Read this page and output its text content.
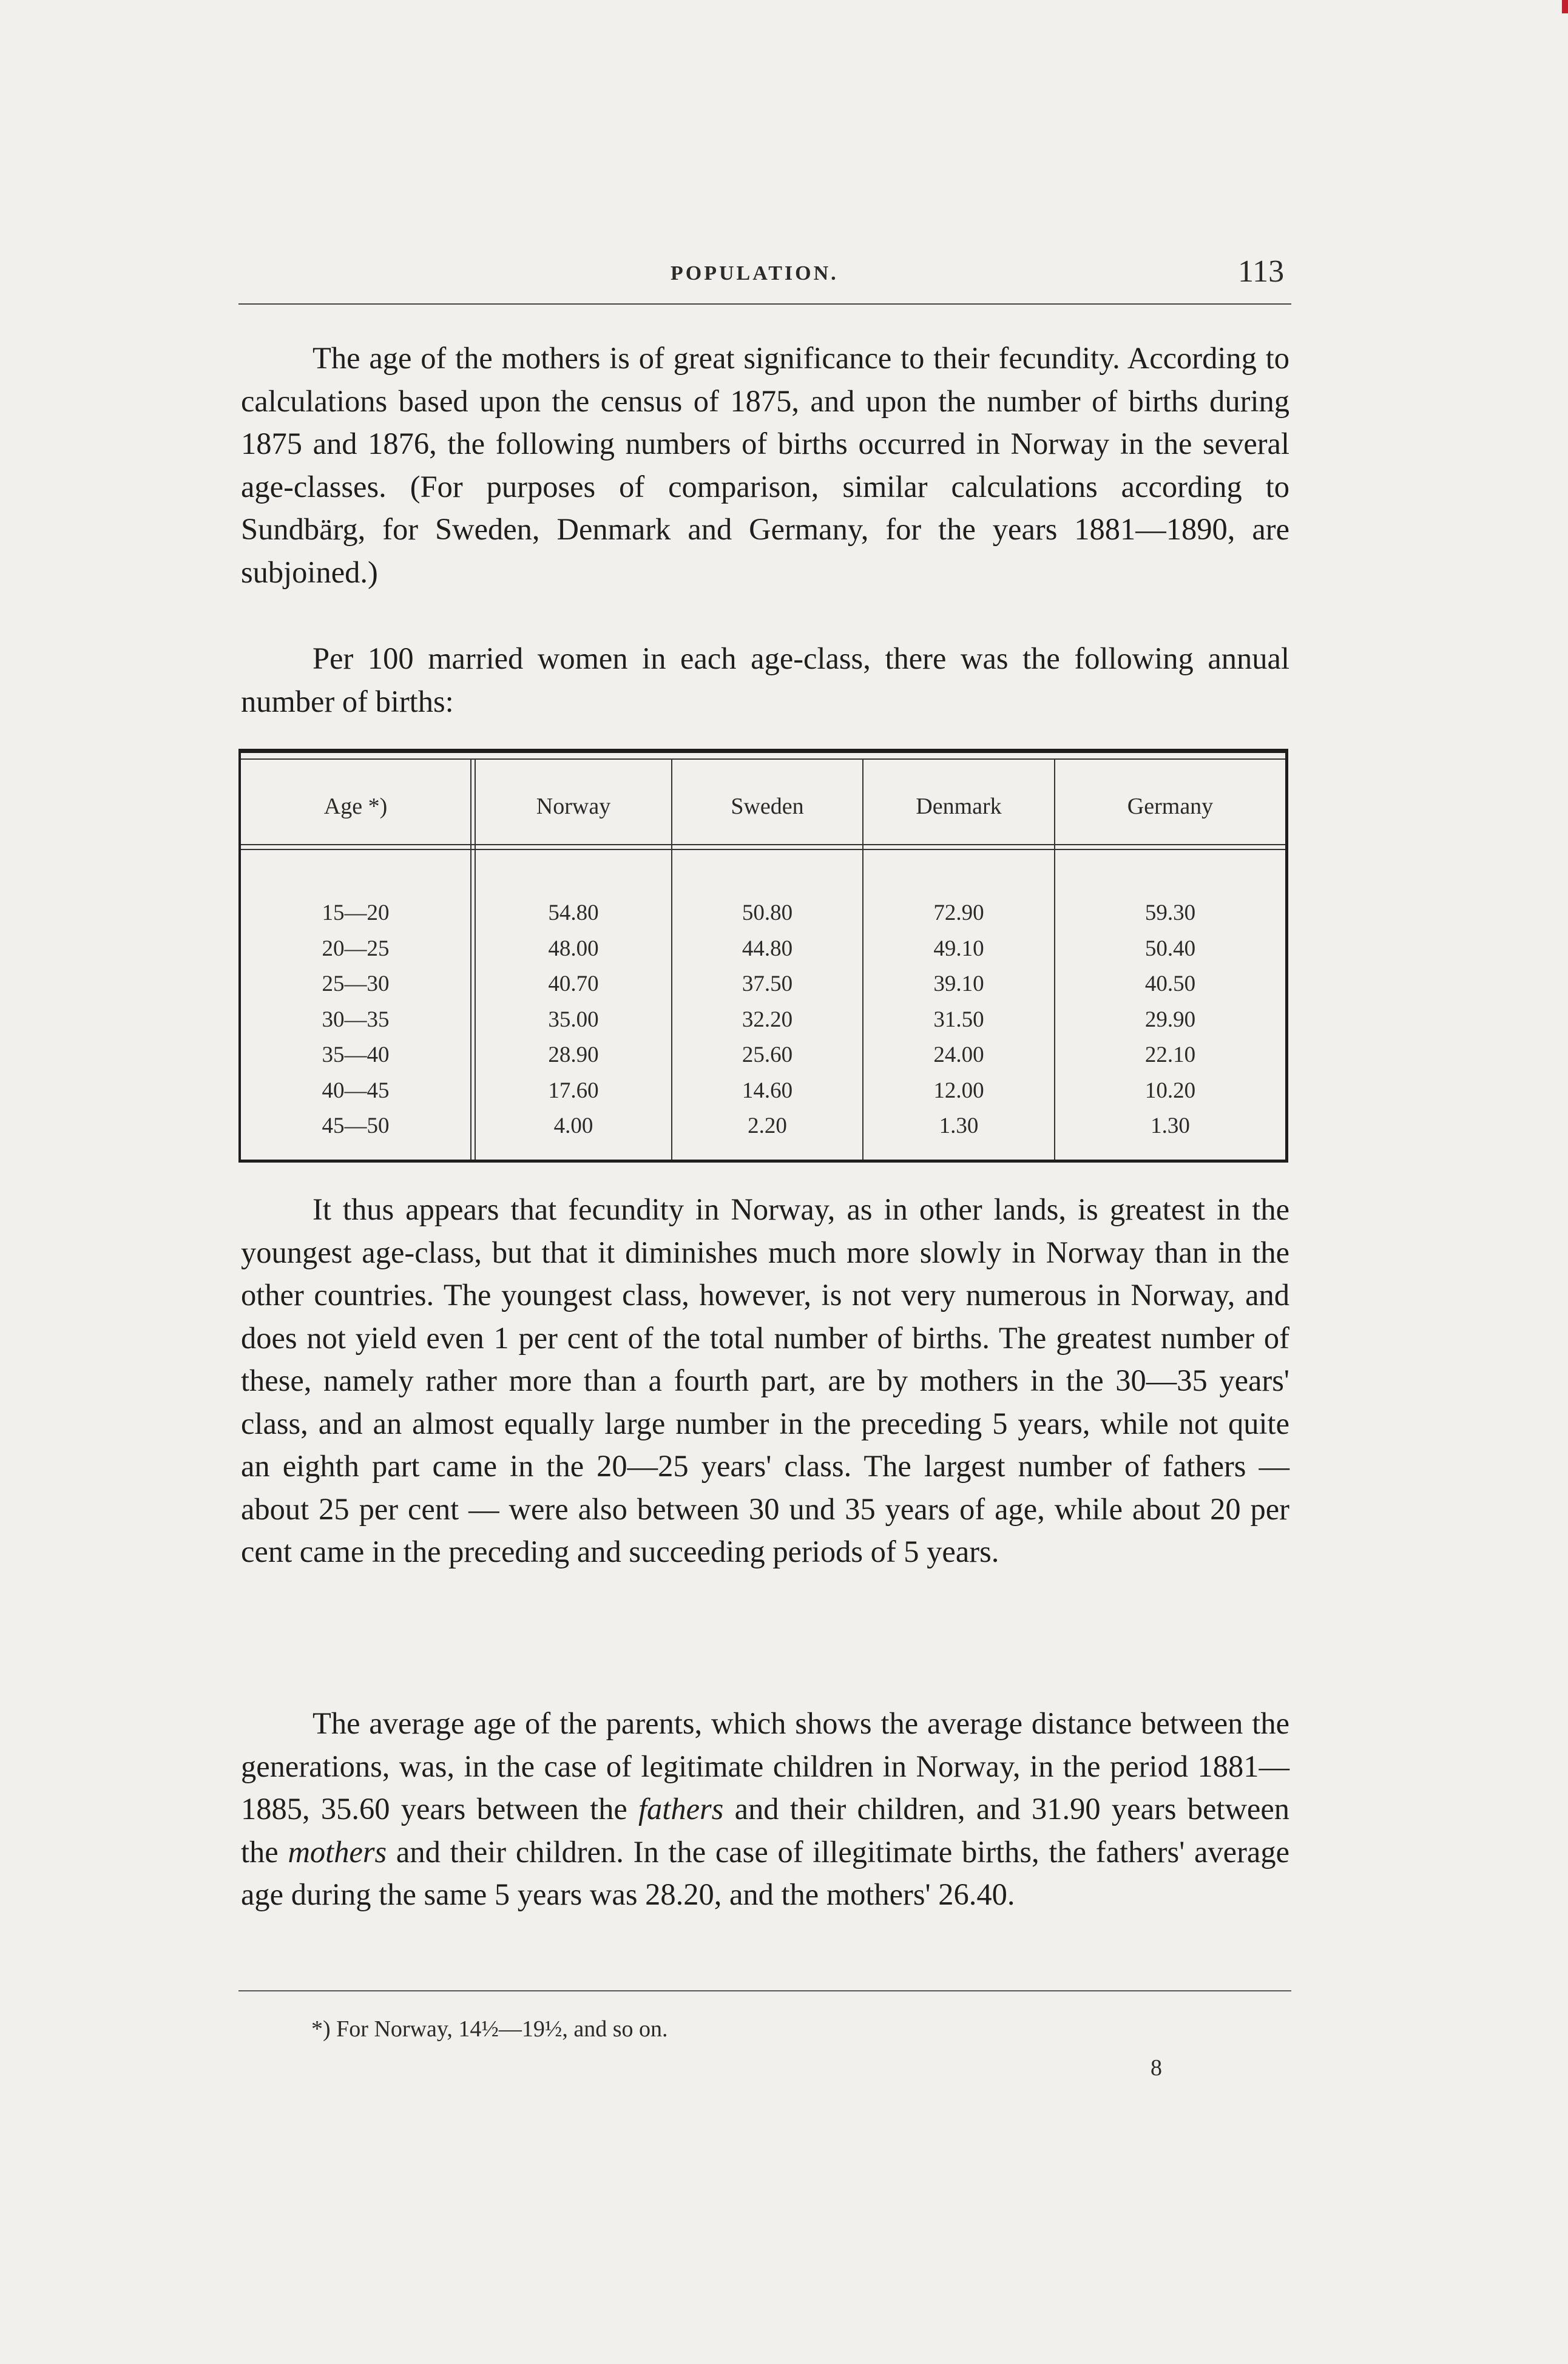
POPULATION.	113

The age of the mothers is of great significance to their fecundity. According to calculations based upon the census of 1875, and upon the number of births during 1875 and 1876, the following numbers of births occurred in Norway in the several age-classes. (For purposes of comparison, similar calculations according to Sundbärg, for Sweden, Denmark and Germany, for the years 1881—1890, are subjoined.)

Per 100 married women in each age-class, there was the following annual number of births:

Age *)	Norway	Sweden	Denmark	Germany
15—20	54.80	50.80	72.90	59.30
20—25	48.00	44.80	49.10	50.40
25—30	40.70	37.50	39.10	40.50
30—35	35.00	32.20	31.50	29.90
35—40	28.90	25.60	24.00	22.10
40—45	17.60	14.60	12.00	10.20
45—50	4.00	2.20	1.30	1.30

It thus appears that fecundity in Norway, as in other lands, is greatest in the youngest age-class, but that it diminishes much more slowly in Norway than in the other countries. The youngest class, however, is not very numerous in Norway, and does not yield even 1 per cent of the total number of births. The greatest number of these, namely rather more than a fourth part, are by mothers in the 30—35 years' class, and an almost equally large number in the preceding 5 years, while not quite an eighth part came in the 20—25 years' class. The largest number of fathers — about 25 per cent — were also between 30 und 35 years of age, while about 20 per cent came in the preceding and succeeding periods of 5 years.

The average age of the parents, which shows the average distance between the generations, was, in the case of legitimate children in Norway, in the period 1881—1885, 35.60 years between the fathers and their children, and 31.90 years between the mothers and their children. In the case of illegitimate births, the fathers' average age during the same 5 years was 28.20, and the mothers' 26.40.

*) For Norway, 14½—19½, and so on.
8
